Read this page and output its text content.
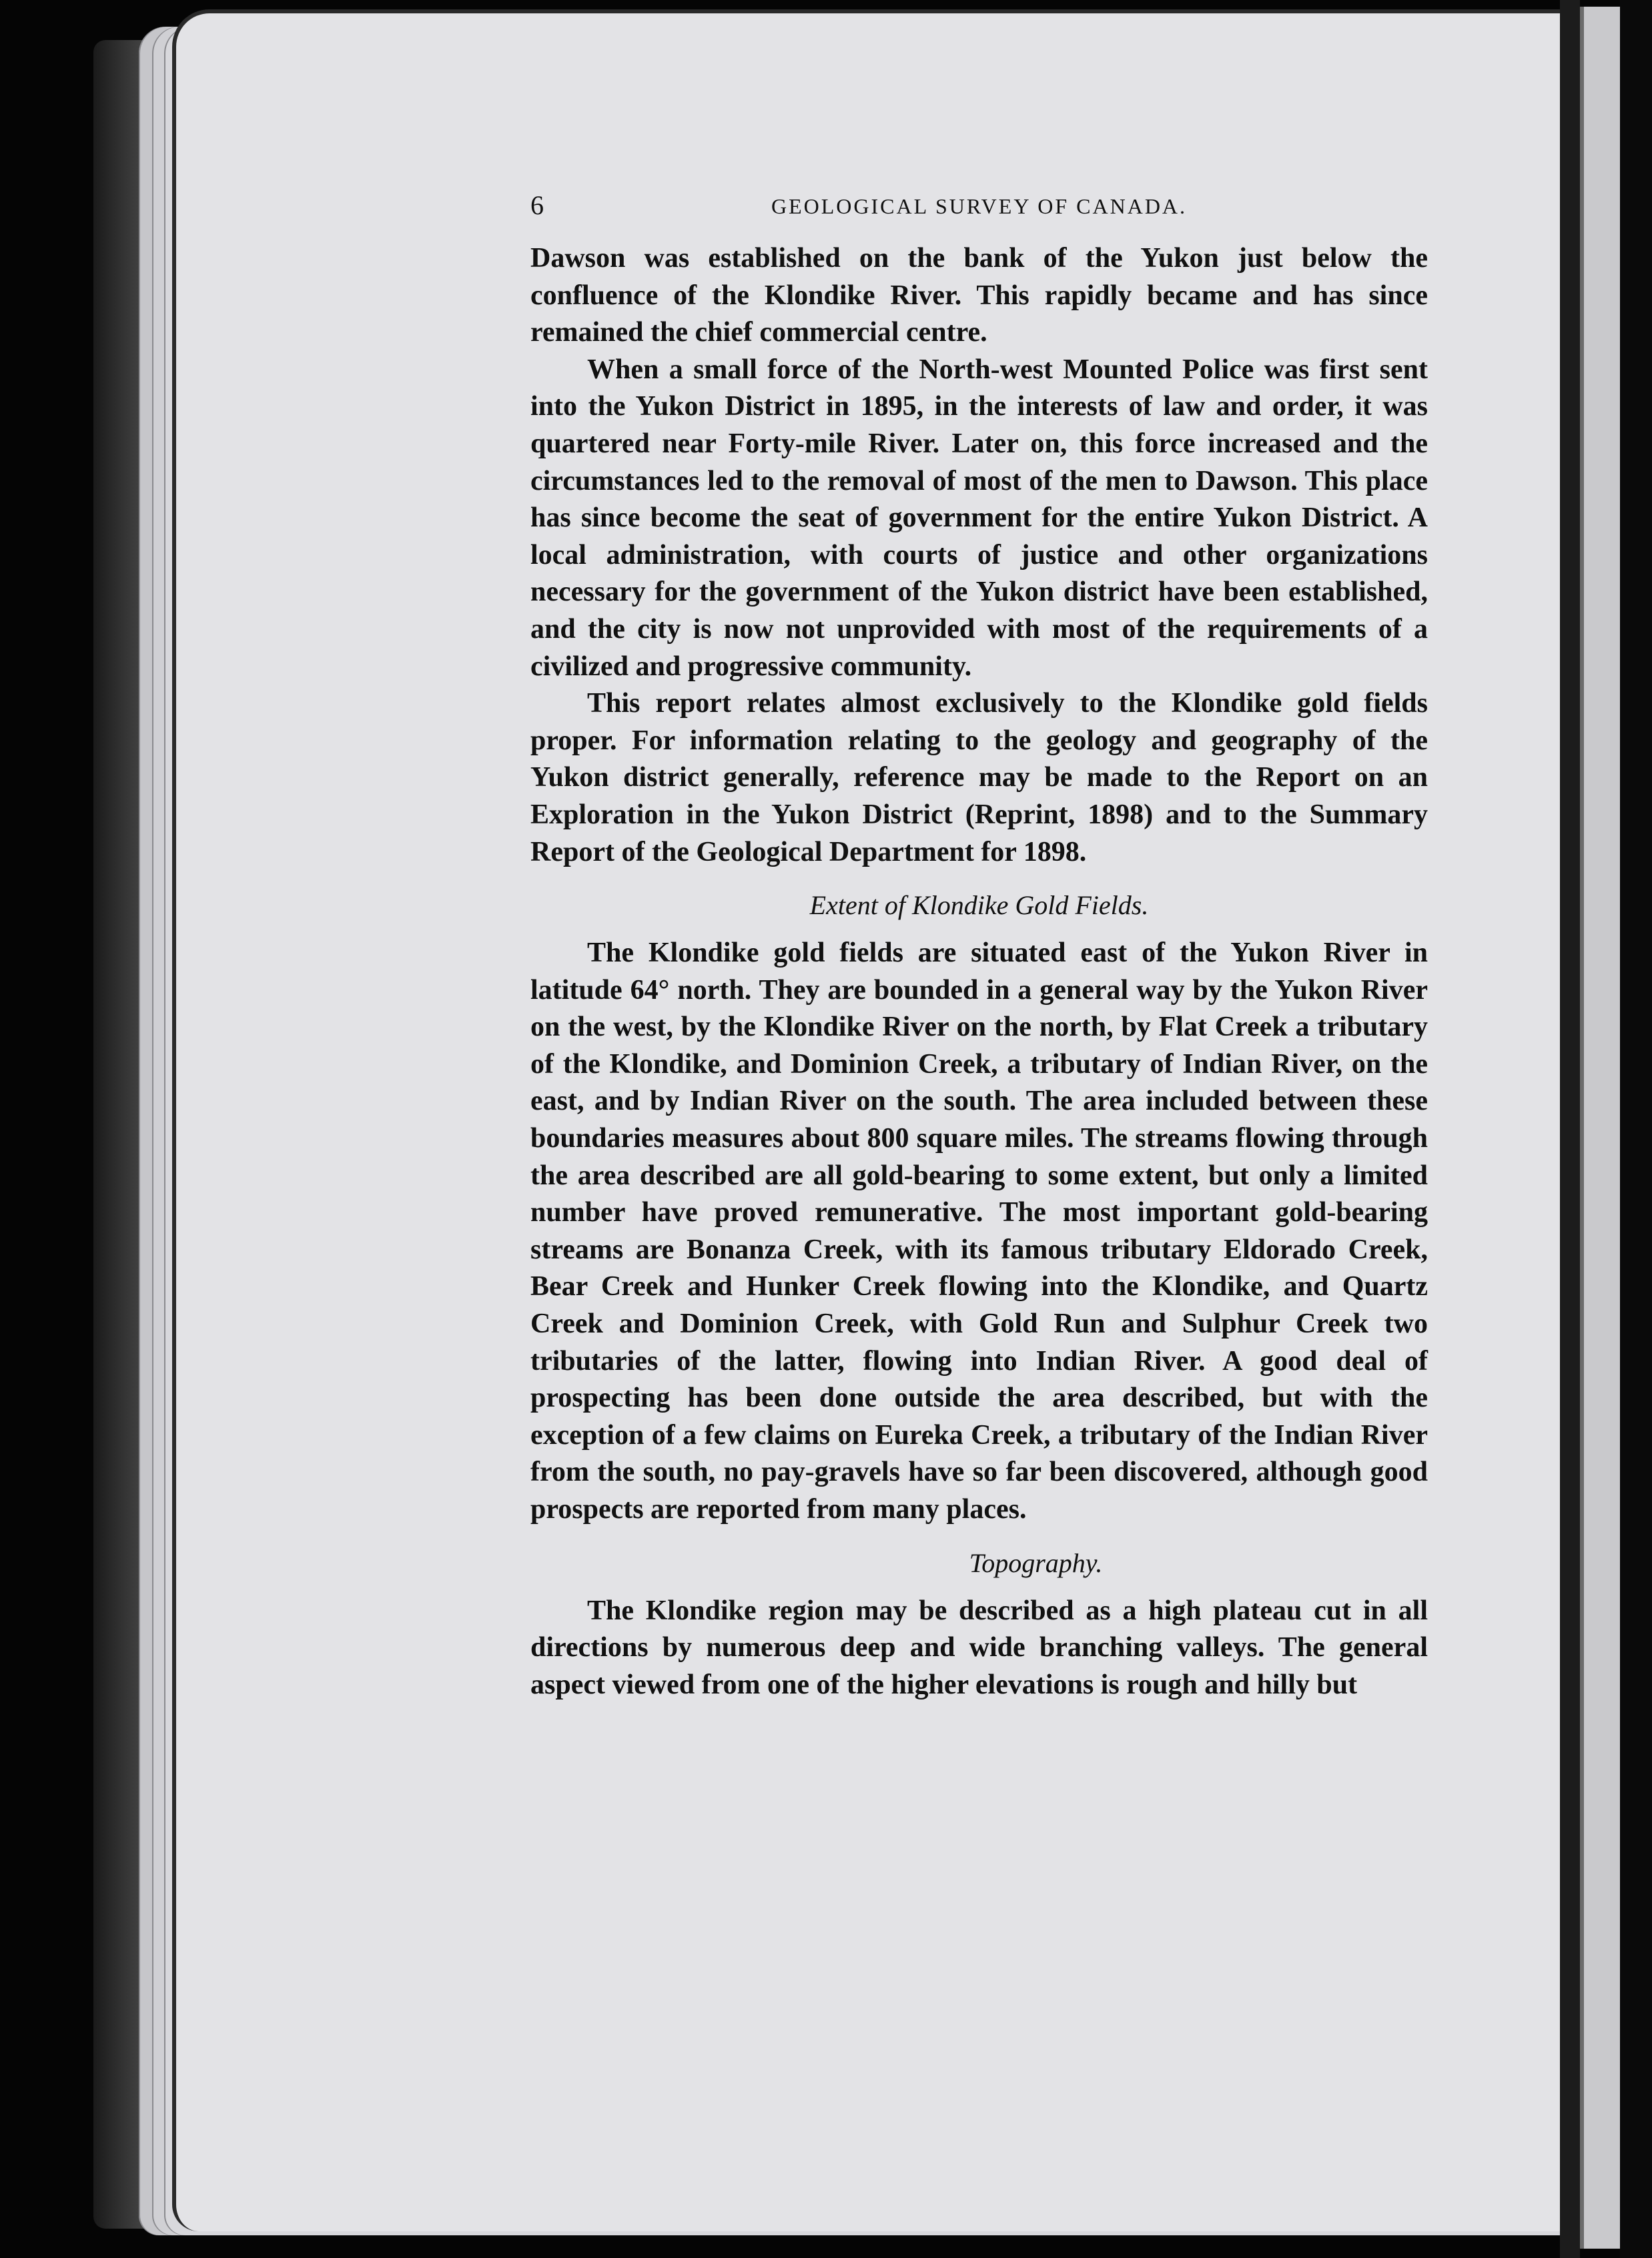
6	GEOLOGICAL SURVEY OF CANADA.

Dawson was established on the bank of the Yukon just below the confluence of the Klondike River. This rapidly became and has since remained the chief commercial centre.

When a small force of the North-west Mounted Police was first sent into the Yukon District in 1895, in the interests of law and order, it was quartered near Forty-mile River. Later on, this force increased and the circumstances led to the removal of most of the men to Dawson. This place has since become the seat of government for the entire Yukon District. A local administration, with courts of justice and other organizations necessary for the government of the Yukon district have been established, and the city is now not unprovided with most of the requirements of a civilized and progressive community.

This report relates almost exclusively to the Klondike gold fields proper. For information relating to the geology and geography of the Yukon district generally, reference may be made to the Report on an Exploration in the Yukon District (Reprint, 1898) and to the Summary Report of the Geological Department for 1898.

Extent of Klondike Gold Fields.

The Klondike gold fields are situated east of the Yukon River in latitude 64° north. They are bounded in a general way by the Yukon River on the west, by the Klondike River on the north, by Flat Creek a tributary of the Klondike, and Dominion Creek, a tributary of Indian River, on the east, and by Indian River on the south. The area included between these boundaries measures about 800 square miles. The streams flowing through the area described are all gold-bearing to some extent, but only a limited number have proved remunerative. The most important gold-bearing streams are Bonanza Creek, with its famous tributary Eldorado Creek, Bear Creek and Hunker Creek flowing into the Klondike, and Quartz Creek and Dominion Creek, with Gold Run and Sulphur Creek two tributaries of the latter, flowing into Indian River. A good deal of prospecting has been done outside the area described, but with the exception of a few claims on Eureka Creek, a tributary of the Indian River from the south, no pay-gravels have so far been discovered, although good prospects are reported from many places.

Topography.

The Klondike region may be described as a high plateau cut in all directions by numerous deep and wide branching valleys. The general aspect viewed from one of the higher elevations is rough and hilly but
